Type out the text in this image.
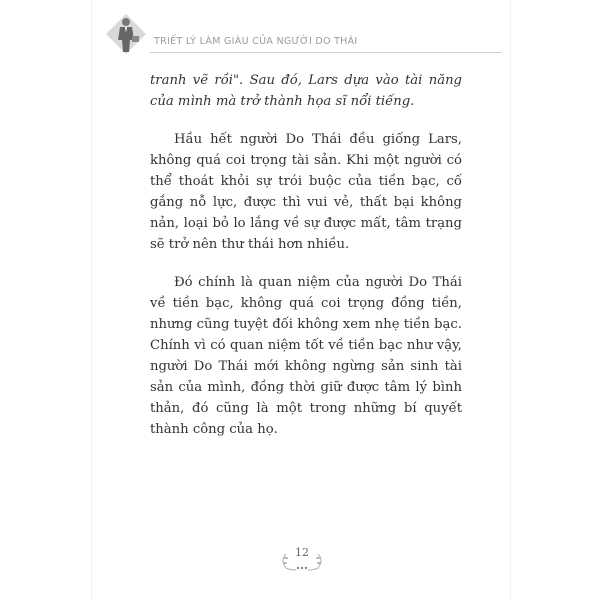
TRIẾT LÝ LÀM GIÀU CỦA NGƯỜI DO THÁI

tranh vẽ rồi". Sau đó, Lars dựa vào tài năng của mình mà trở thành họa sĩ nổi tiếng.

Hầu hết người Do Thái đều giống Lars, không quá coi trọng tài sản. Khi một người có thể thoát khỏi sự trói buộc của tiền bạc, cố gắng nỗ lực, được thì vui vẻ, thất bại không nản, loại bỏ lo lắng về sự được mất, tâm trạng sẽ trở nên thư thái hơn nhiều.

Đó chính là quan niệm của người Do Thái về tiền bạc, không quá coi trọng đồng tiền, nhưng cũng tuyệt đối không xem nhẹ tiền bạc. Chính vì có quan niệm tốt về tiền bạc như vậy, người Do Thái mới không ngừng sản sinh tài sản của mình, đồng thời giữ được tâm lý bình thản, đó cũng là một trong những bí quyết thành công của họ.

12
